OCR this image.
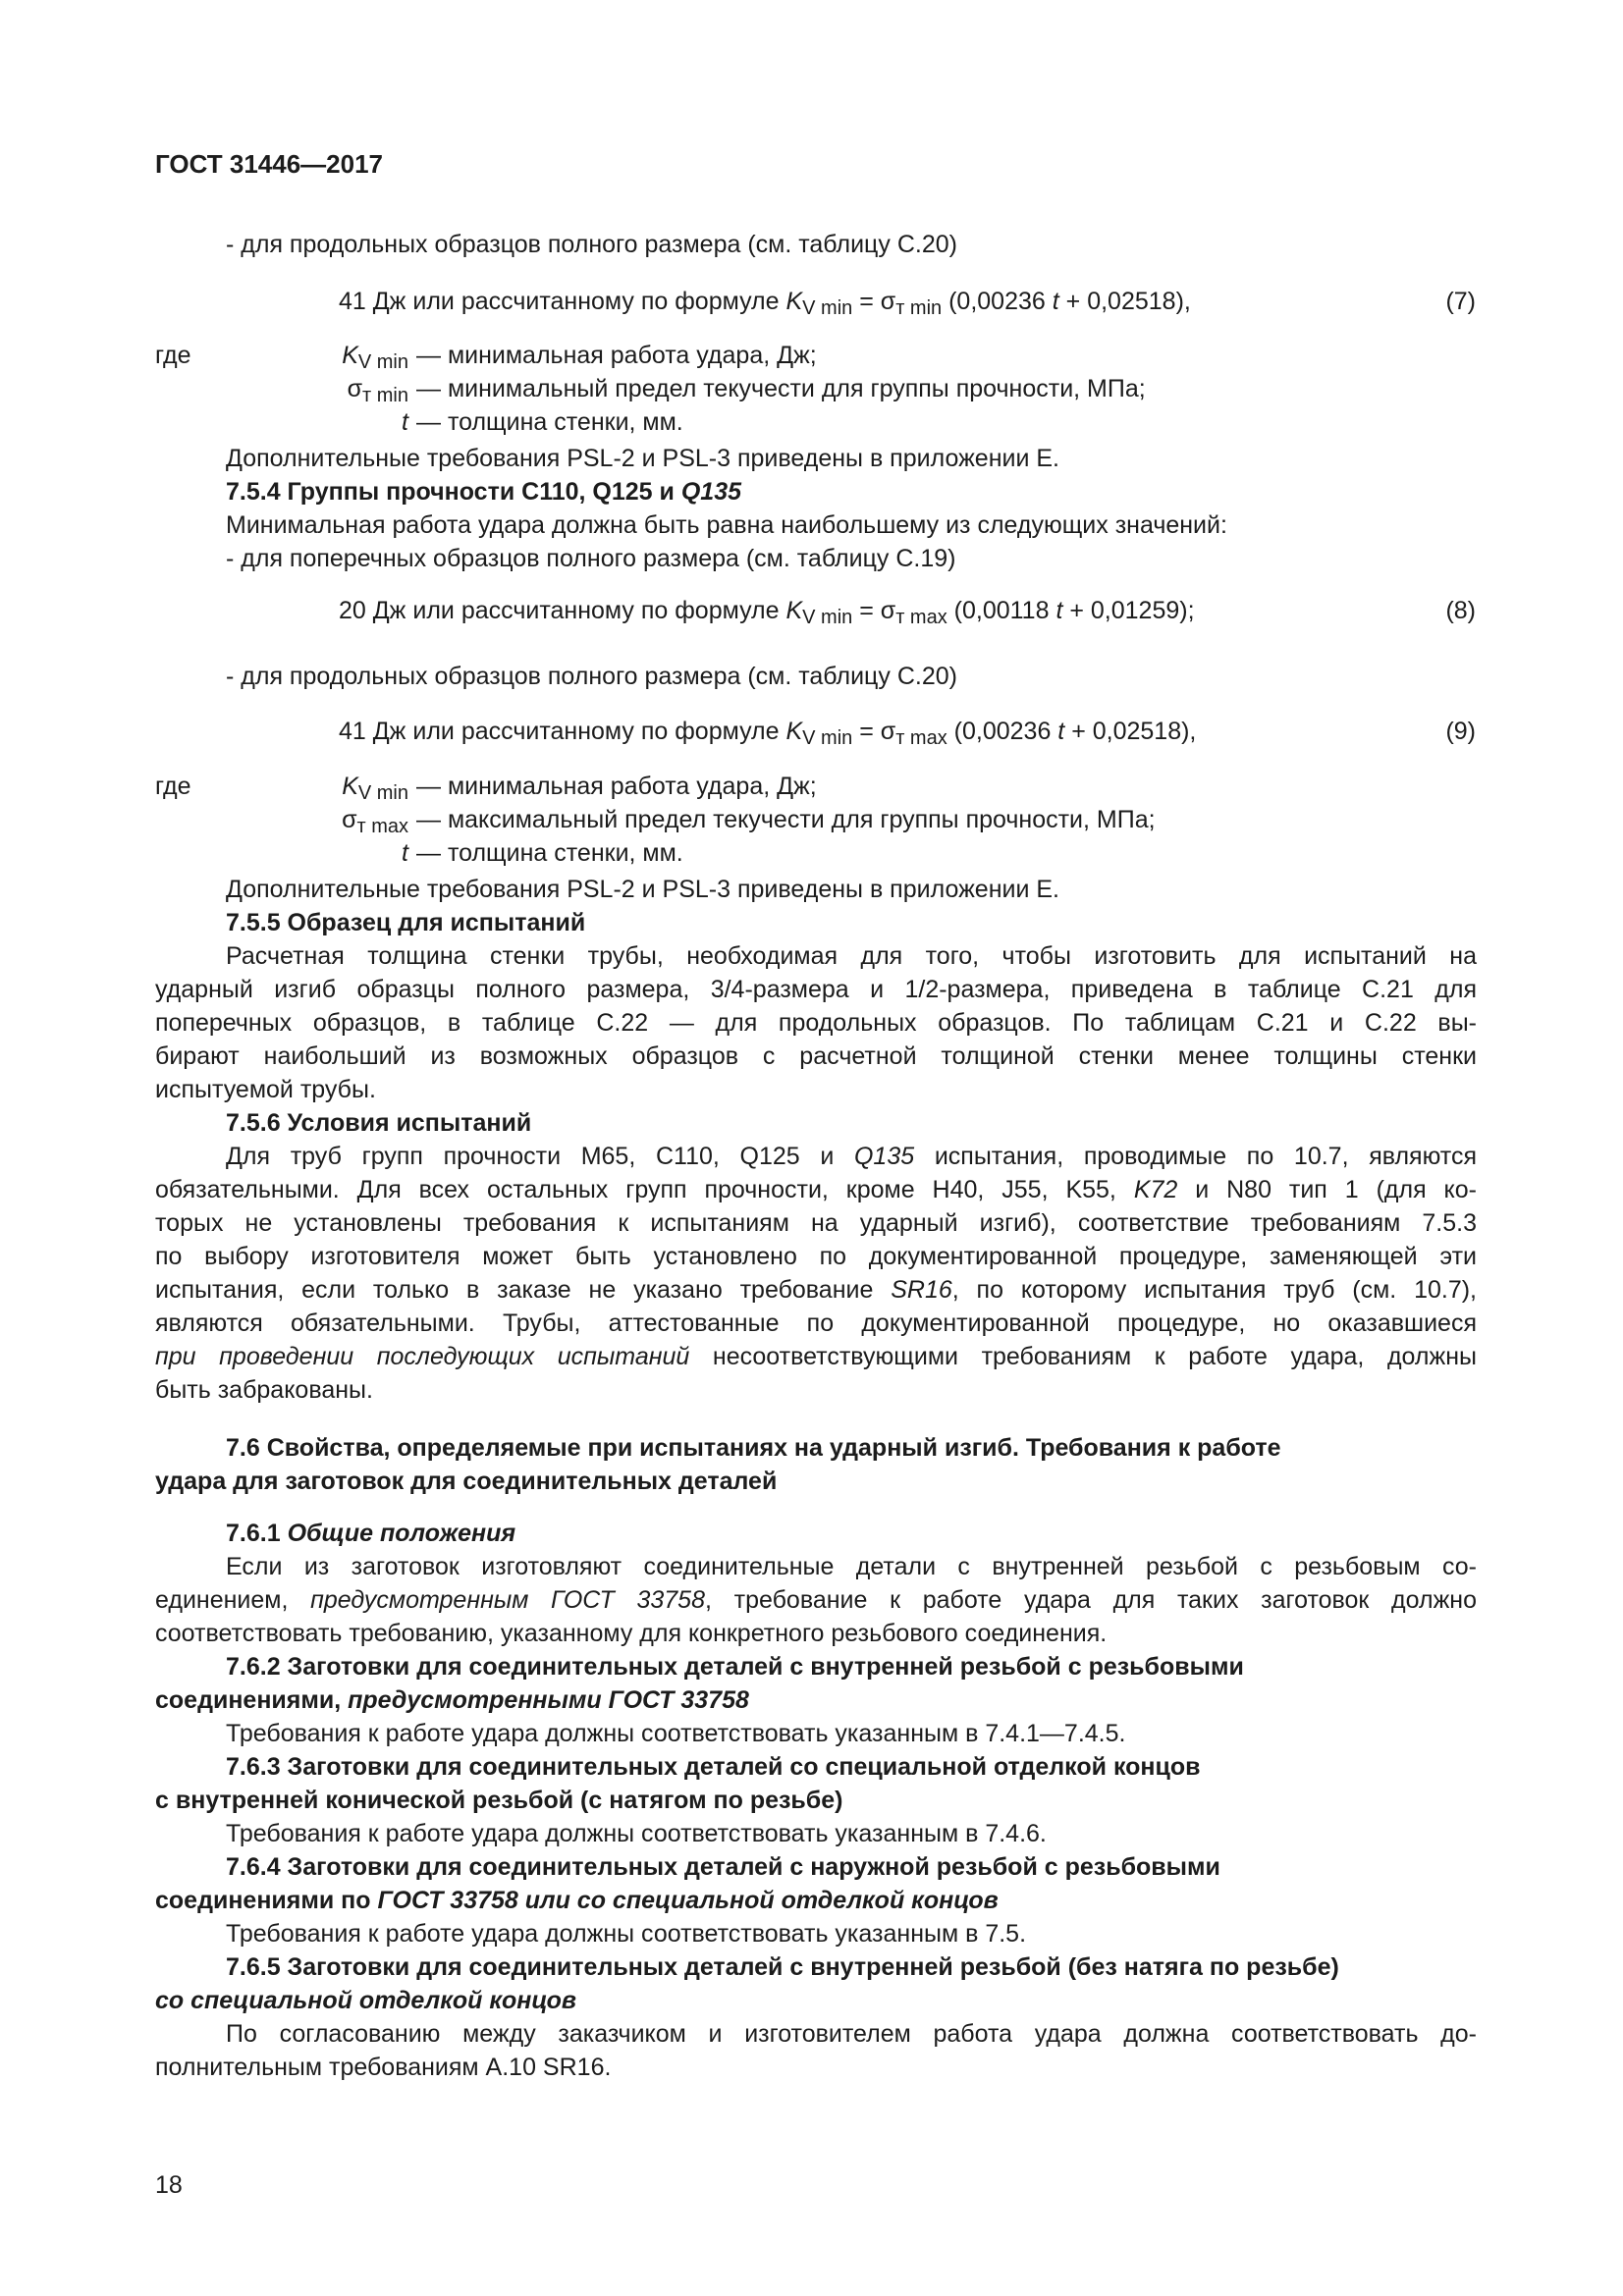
ГОСТ 31446—2017
- для продольных образцов полного размера (см. таблицу С.20)
41 Дж или рассчитанному по формуле $K_{V min} = \sigma_{т min}$ (0,00236 t + 0,02518),	(7)
где	$K_{V min}$ — минимальная работа удара, Дж;
$\sigma_{т min}$ — минимальный предел текучести для группы прочности, МПа;
t — толщина стенки, мм.
Дополнительные требования PSL-2 и PSL-3 приведены в приложении Е.
7.5.4 Группы прочности С110, Q125 и Q135
Минимальная работа удара должна быть равна наибольшему из следующих значений:
- для поперечных образцов полного размера (см. таблицу С.19)
20 Дж или рассчитанному по формуле $K_{V min} = \sigma_{т max}$ (0,00118 t + 0,01259);	(8)
- для продольных образцов полного размера (см. таблицу С.20)
41 Дж или рассчитанному по формуле $K_{V min} = \sigma_{т max}$ (0,00236 t + 0,02518),	(9)
где	$K_{V min}$ — минимальная работа удара, Дж;
$\sigma_{т max}$ — максимальный предел текучести для группы прочности, МПа;
t — толщина стенки, мм.
Дополнительные требования PSL-2 и PSL-3 приведены в приложении Е.
7.5.5 Образец для испытаний
Расчетная толщина стенки трубы, необходимая для того, чтобы изготовить для испытаний на
ударный изгиб образцы полного размера, 3/4-размера и 1/2-размера, приведена в таблице С.21 для
поперечных образцов, в таблице С.22 — для продольных образцов. По таблицам С.21 и С.22 вы-
бирают наибольший из возможных образцов с расчетной толщиной стенки менее толщины стенки
испытуемой трубы.
7.5.6 Условия испытаний
Для труб групп прочности М65, С110, Q125 и Q135 испытания, проводимые по 10.7, являются
обязательными. Для всех остальных групп прочности, кроме Н40, J55, K55, K72 и N80 тип 1 (для ко-
торых не установлены требования к испытаниям на ударный изгиб), соответствие требованиям 7.5.3
по выбору изготовителя может быть установлено по документированной процедуре, заменяющей эти
испытания, если только в заказе не указано требование SR16, по которому испытания труб (см. 10.7),
являются обязательными. Трубы, аттестованные по документированной процедуре, но оказавшиеся
при проведении последующих испытаний несоответствующими требованиям к работе удара, должны
быть забракованы.
7.6 Свойства, определяемые при испытаниях на ударный изгиб. Требования к работе
удара для заготовок для соединительных деталей
7.6.1 Общие положения
Если из заготовок изготовляют соединительные детали с внутренней резьбой с резьбовым со-
единением, предусмотренным ГОСТ 33758, требование к работе удара для таких заготовок должно
соответствовать требованию, указанному для конкретного резьбового соединения.
7.6.2 Заготовки для соединительных деталей с внутренней резьбой с резьбовыми
соединениями, предусмотренными ГОСТ 33758
Требования к работе удара должны соответствовать указанным в 7.4.1—7.4.5.
7.6.3 Заготовки для соединительных деталей со специальной отделкой концов
с внутренней конической резьбой (с натягом по резьбе)
Требования к работе удара должны соответствовать указанным в 7.4.6.
7.6.4 Заготовки для соединительных деталей с наружной резьбой с резьбовыми
соединениями по ГОСТ 33758 или со специальной отделкой концов
Требования к работе удара должны соответствовать указанным в 7.5.
7.6.5 Заготовки для соединительных деталей с внутренней резьбой (без натяга по резьбе)
со специальной отделкой концов
По согласованию между заказчиком и изготовителем работа удара должна соответствовать до-
полнительным требованиям А.10 SR16.
18
